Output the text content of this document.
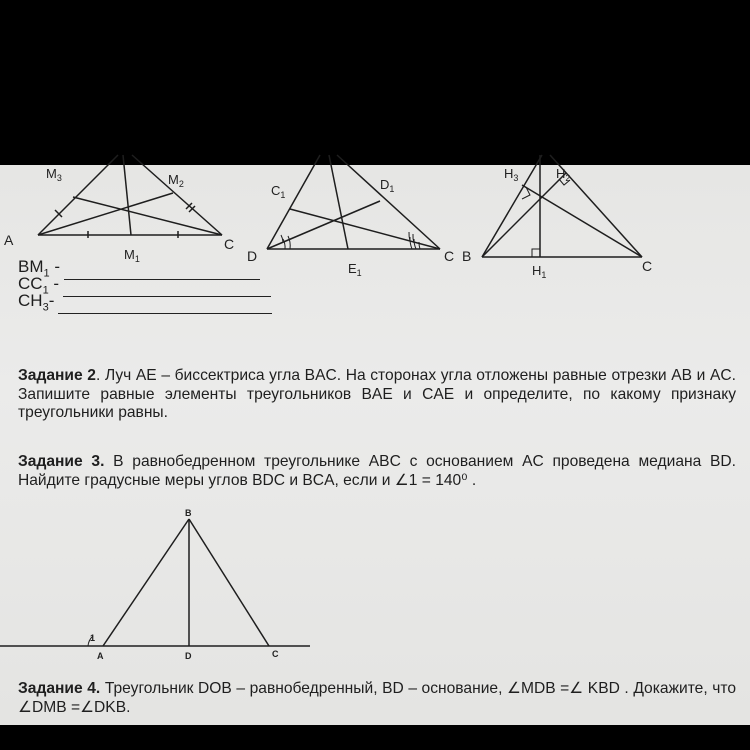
A	C
$M_1$
$M_2$
$M_3$
D	C
$E_1$
$C_1$
$D_1$
B
C
$H_1$
$H_2$
$H_3$
$BM_1$ -
$CC_1$ -
$CH_3-$
Задание 2. Луч AE – биссектриса угла BAC. На сторонах угла отложены равные отрезки AB и AC. Запишите равные элементы треугольников BAE и CAE и определите, по какому признаку треугольники равны.
Задание 3. В равнобедренном треугольнике ABC с основанием AC проведена медиана BD. Найдите градусные меры углов BDC и BCA, если и ∠1 = 140⁰ .
B
A	D	C
1
Задание 4. Треугольник DOB – равнобедренный, BD – основание, ∠MDB =∠ KBD . Докажите, что ∠DMB =∠DKB.
